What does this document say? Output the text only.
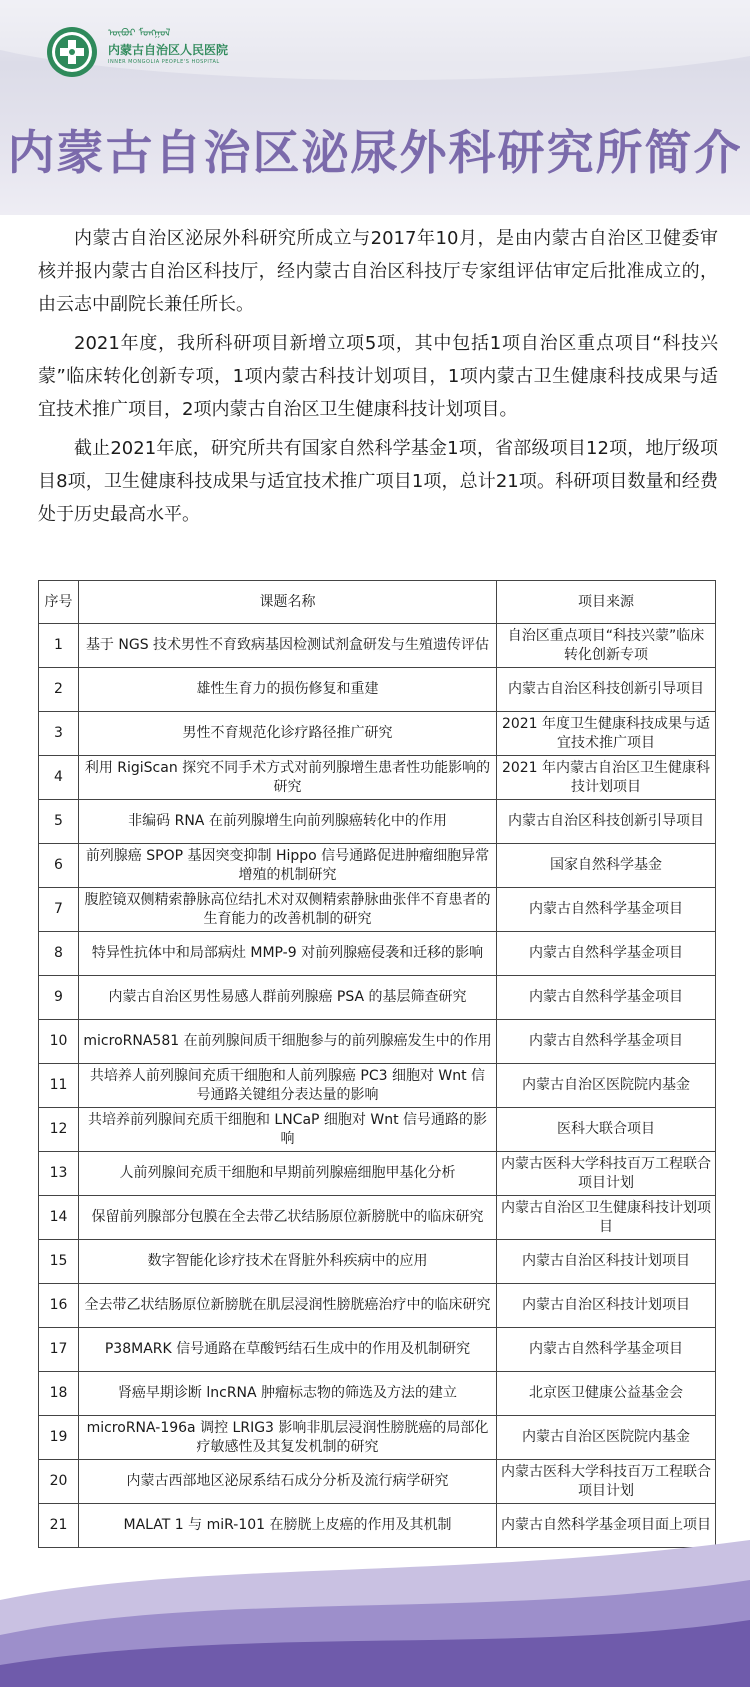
ᠥᠪᠥᠷ ᠮᠣᠩᠭᠣᠯ
内蒙古自治区人民医院
INNER MONGOLIA PEOPLE'S HOSPITAL
内蒙古自治区泌尿外科研究所简介

内蒙古自治区泌尿外科研究所成立与2017年10月，是由内蒙古自治区卫健委审核并报内蒙古自治区科技厅，经内蒙古自治区科技厅专家组评估审定后批准成立的，由云志中副院长兼任所长。

2021年度，我所科研项目新增立项5项，其中包括1项自治区重点项目“科技兴蒙”临床转化创新专项，1项内蒙古科技计划项目，1项内蒙古卫生健康科技成果与适宜技术推广项目，2项内蒙古自治区卫生健康科技计划项目。

截止2021年底，研究所共有国家自然科学基金1项，省部级项目12项，地厅级项目8项，卫生健康科技成果与适宜技术推广项目1项，总计21项。科研项目数量和经费处于历史最高水平。

序号	课题名称	项目来源
1	基于 NGS 技术男性不育致病基因检测试剂盒研发与生殖遗传评估	自治区重点项目“科技兴蒙”临床转化创新专项
2	雄性生育力的损伤修复和重建	内蒙古自治区科技创新引导项目
3	男性不育规范化诊疗路径推广研究	2021 年度卫生健康科技成果与适宜技术推广项目
4	利用 RigiScan 探究不同手术方式对前列腺增生患者性功能影响的研究	2021 年内蒙古自治区卫生健康科技计划项目
5	非编码 RNA 在前列腺增生向前列腺癌转化中的作用	内蒙古自治区科技创新引导项目
6	前列腺癌 SPOP 基因突变抑制 Hippo 信号通路促进肿瘤细胞异常增殖的机制研究	国家自然科学基金
7	腹腔镜双侧精索静脉高位结扎术对双侧精索静脉曲张伴不育患者的生育能力的改善机制的研究	内蒙古自然科学基金项目
8	特异性抗体中和局部病灶 MMP-9 对前列腺癌侵袭和迁移的影响	内蒙古自然科学基金项目
9	内蒙古自治区男性易感人群前列腺癌 PSA 的基层筛查研究	内蒙古自然科学基金项目
10	microRNA581 在前列腺间质干细胞参与的前列腺癌发生中的作用	内蒙古自然科学基金项目
11	共培养人前列腺间充质干细胞和人前列腺癌 PC3 细胞对 Wnt 信号通路关键组分表达量的影响	内蒙古自治区医院院内基金
12	共培养前列腺间充质干细胞和 LNCaP 细胞对 Wnt 信号通路的影响	医科大联合项目
13	人前列腺间充质干细胞和早期前列腺癌细胞甲基化分析	内蒙古医科大学科技百万工程联合项目计划
14	保留前列腺部分包膜在全去带乙状结肠原位新膀胱中的临床研究	内蒙古自治区卫生健康科技计划项目
15	数字智能化诊疗技术在肾脏外科疾病中的应用	内蒙古自治区科技计划项目
16	全去带乙状结肠原位新膀胱在肌层浸润性膀胱癌治疗中的临床研究	内蒙古自治区科技计划项目
17	P38MARK 信号通路在草酸钙结石生成中的作用及机制研究	内蒙古自然科学基金项目
18	肾癌早期诊断 lncRNA 肿瘤标志物的筛选及方法的建立	北京医卫健康公益基金会
19	microRNA-196a 调控 LRIG3 影响非肌层浸润性膀胱癌的局部化疗敏感性及其复发机制的研究	内蒙古自治区医院院内基金
20	内蒙古西部地区泌尿系结石成分分析及流行病学研究	内蒙古医科大学科技百万工程联合项目计划
21	MALAT 1 与 miR-101 在膀胱上皮癌的作用及其机制	内蒙古自然科学基金项目面上项目
